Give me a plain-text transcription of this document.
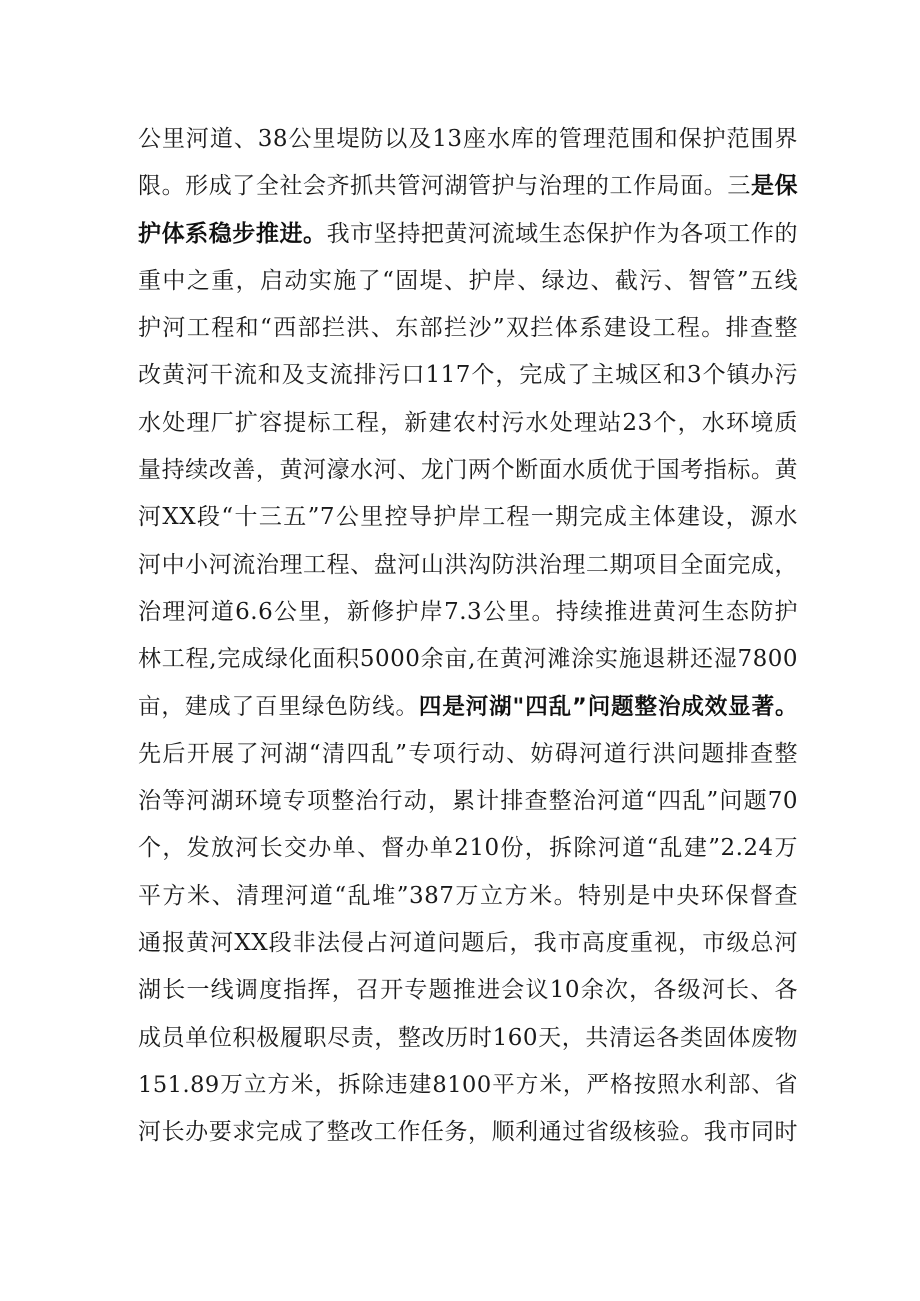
公里河道、38公里堤防以及13座水库的管理范围和保护范围界
限。形成了全社会齐抓共管河湖管护与治理的工作局面。三是保
护体系稳步推进。我市坚持把黄河流域生态保护作为各项工作的
重中之重，启动实施了“固堤、护岸、绿边、截污、智管”五线
护河工程和“西部拦洪、东部拦沙”双拦体系建设工程。排查整
改黄河干流和及支流排污口117个，完成了主城区和3个镇办污
水处理厂扩容提标工程，新建农村污水处理站23个，水环境质
量持续改善，黄河濠水河、龙门两个断面水质优于国考指标。黄
河XX段“十三五”7公里控导护岸工程一期完成主体建设，源水
河中小河流治理工程、盘河山洪沟防洪治理二期项目全面完成，
治理河道6.6公里，新修护岸7.3公里。持续推进黄河生态防护
林工程,完成绿化面积5000余亩,在黄河滩涂实施退耕还湿7800
亩，建成了百里绿色防线。四是河湖"四乱”问题整治成效显著。
先后开展了河湖“清四乱”专项行动、妨碍河道行洪问题排查整
治等河湖环境专项整治行动，累计排查整治河道“四乱”问题70
个，发放河长交办单、督办单210份，拆除河道“乱建”2.24万
平方米、清理河道“乱堆”387万立方米。特别是中央环保督查
通报黄河XX段非法侵占河道问题后，我市高度重视，市级总河
湖长一线调度指挥，召开专题推进会议10余次，各级河长、各
成员单位积极履职尽责，整改历时160天，共清运各类固体废物
151.89万立方米，拆除违建8100平方米，严格按照水利部、省
河长办要求完成了整改工作任务，顺利通过省级核验。我市同时
